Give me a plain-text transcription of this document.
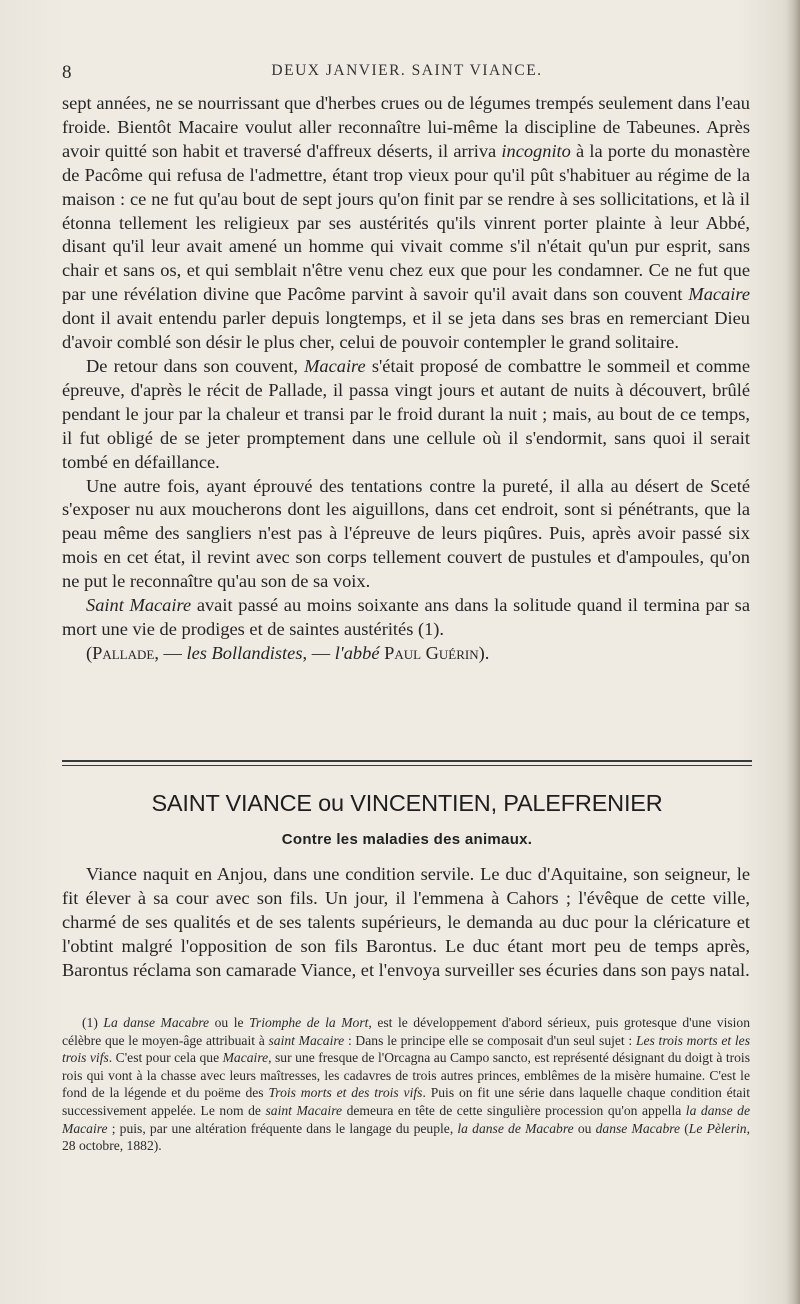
8	DEUX JANVIER. SAINT VIANCE.

sept années, ne se nourrissant que d'herbes crues ou de légumes trempés seulement dans l'eau froide. Bientôt Macaire voulut aller reconnaître lui-même la discipline de Tabeunes. Après avoir quitté son habit et traversé d'affreux déserts, il arriva incognito à la porte du monastère de Pacôme qui refusa de l'admettre, étant trop vieux pour qu'il pût s'habituer au régime de la maison : ce ne fut qu'au bout de sept jours qu'on finit par se rendre à ses sollicitations, et là il étonna tellement les religieux par ses austérités qu'ils vinrent porter plainte à leur Abbé, disant qu'il leur avait amené un homme qui vivait comme s'il n'était qu'un pur esprit, sans chair et sans os, et qui semblait n'être venu chez eux que pour les condamner. Ce ne fut que par une révélation divine que Pacôme parvint à savoir qu'il avait dans son couvent Macaire dont il avait entendu parler depuis longtemps, et il se jeta dans ses bras en remerciant Dieu d'avoir comblé son désir le plus cher, celui de pouvoir contempler le grand solitaire.

De retour dans son couvent, Macaire s'était proposé de combattre le sommeil et comme épreuve, d'après le récit de Pallade, il passa vingt jours et autant de nuits à découvert, brûlé pendant le jour par la chaleur et transi par le froid durant la nuit ; mais, au bout de ce temps, il fut obligé de se jeter promptement dans une cellule où il s'endormit, sans quoi il serait tombé en défaillance.

Une autre fois, ayant éprouvé des tentations contre la pureté, il alla au désert de Sceté s'exposer nu aux moucherons dont les aiguillons, dans cet endroit, sont si pénétrants, que la peau même des sangliers n'est pas à l'épreuve de leurs piqûres. Puis, après avoir passé six mois en cet état, il revint avec son corps tellement couvert de pustules et d'ampoules, qu'on ne put le reconnaître qu'au son de sa voix.

Saint Macaire avait passé au moins soixante ans dans la solitude quand il termina par sa mort une vie de prodiges et de saintes austérités (1).

(Pallade, — les Bollandistes, — l'abbé Paul Guérin).

SAINT VIANCE ou VINCENTIEN, PALEFRENIER
Contre les maladies des animaux.

Viance naquit en Anjou, dans une condition servile. Le duc d'Aquitaine, son seigneur, le fit élever à sa cour avec son fils. Un jour, il l'emmena à Cahors ; l'évêque de cette ville, charmé de ses qualités et de ses talents supérieurs, le demanda au duc pour la cléricature et l'obtint malgré l'opposition de son fils Barontus. Le duc étant mort peu de temps après, Barontus réclama son camarade Viance, et l'envoya surveiller ses écuries dans son pays natal.

(1) La danse Macabre ou le Triomphe de la Mort, est le développement d'abord sérieux, puis grotesque d'une vision célèbre que le moyen-âge attribuait à saint Macaire : Dans le principe elle se composait d'un seul sujet : Les trois morts et les trois vifs. C'est pour cela que Macaire, sur une fresque de l'Orcagna au Campo sancto, est représenté désignant du doigt à trois rois qui vont à la chasse avec leurs maîtresses, les cadavres de trois autres princes, emblêmes de la misère humaine. C'est le fond de la légende et du poëme des Trois morts et des trois vifs. Puis on fit une série dans laquelle chaque condition était successivement appelée. Le nom de saint Macaire demeura en tête de cette singulière procession qu'on appella la danse de Macaire ; puis, par une altération fréquente dans le langage du peuple, la danse de Macabre ou danse Macabre (Le Pèlerin, 28 octobre, 1882).
